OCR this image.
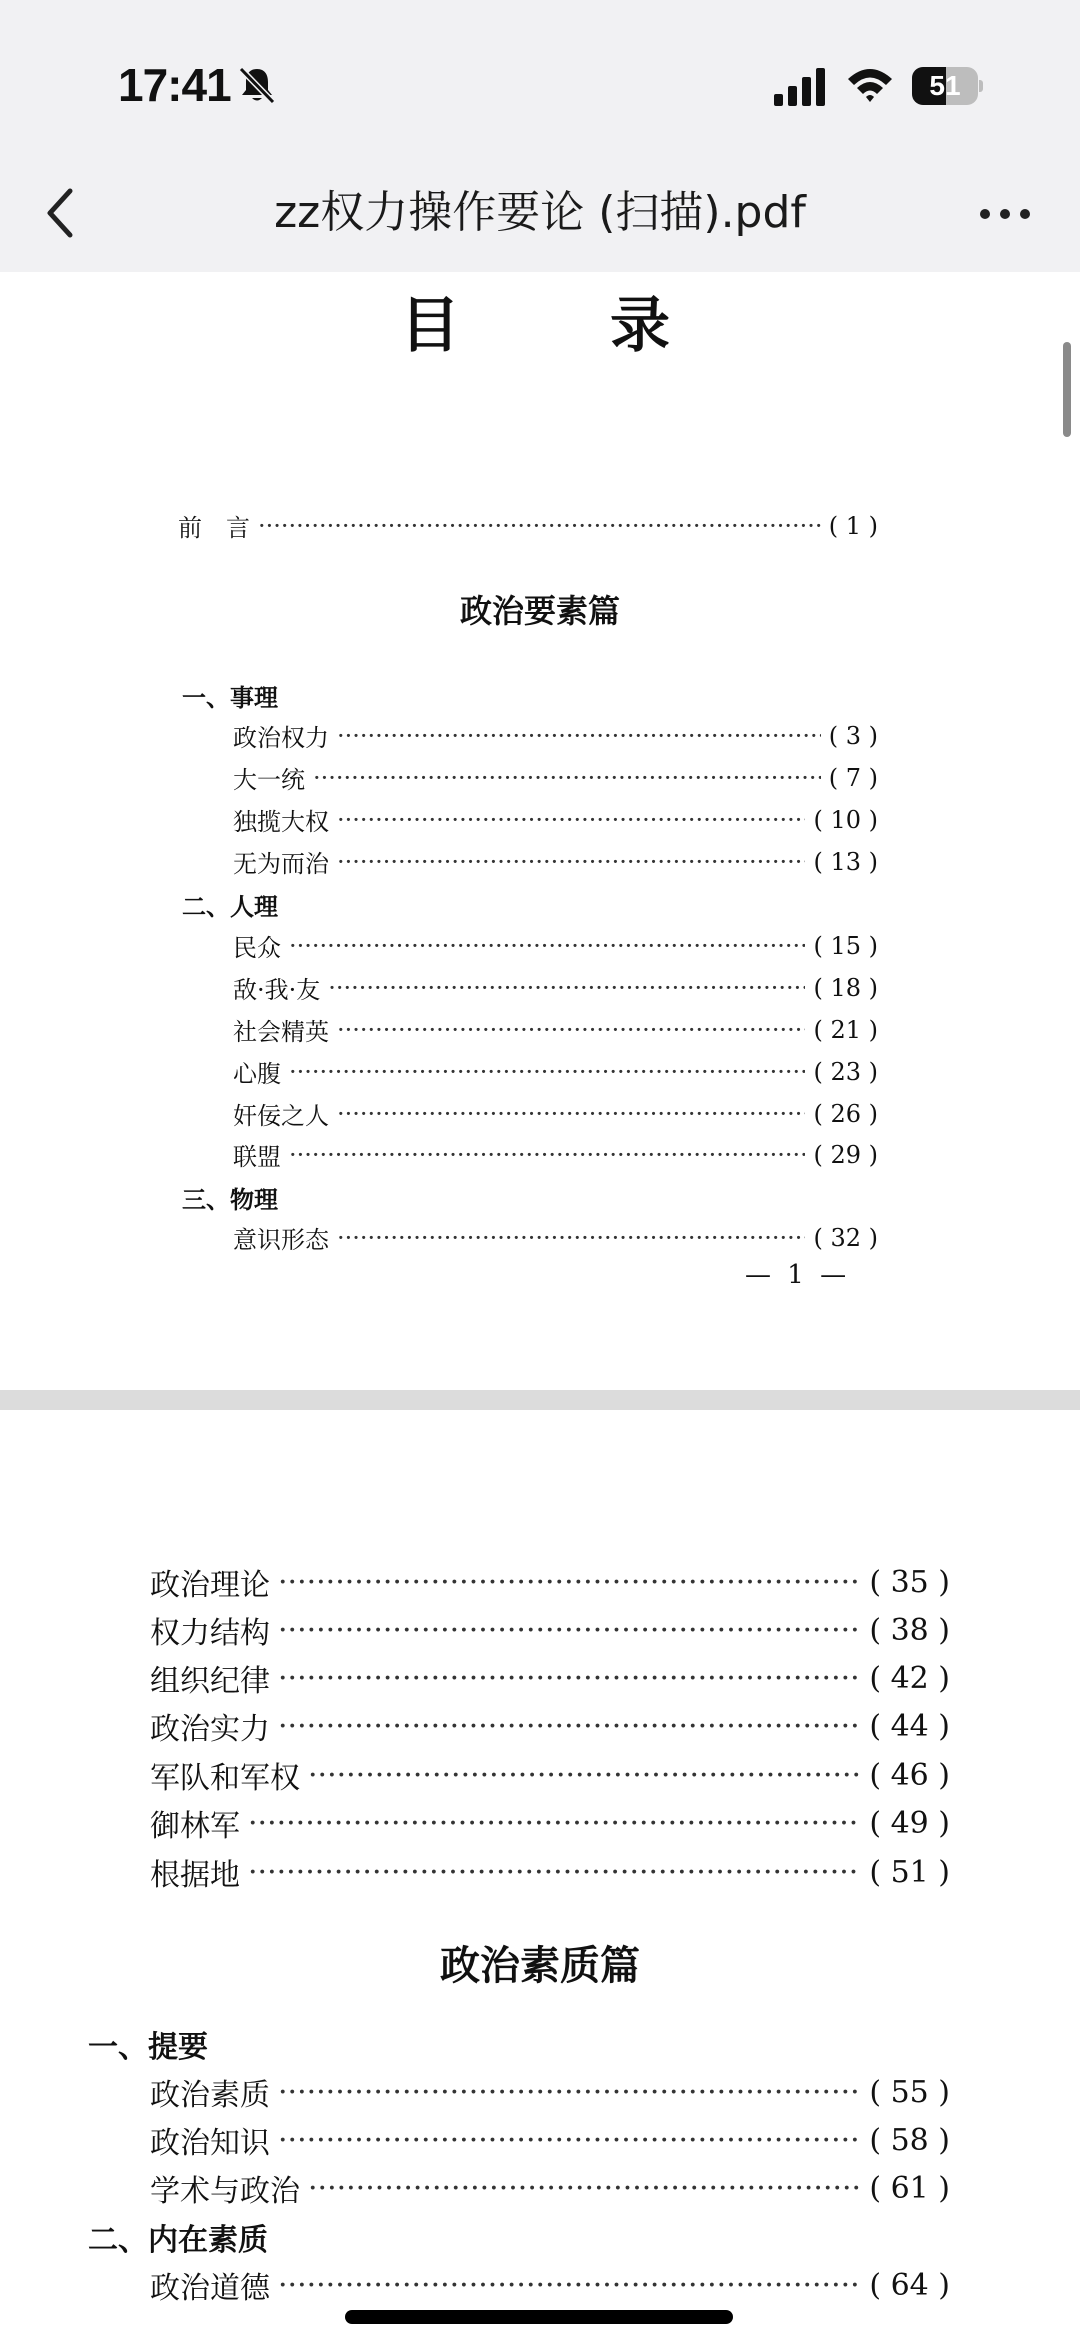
17:41	51
zz权力操作要论 (扫描).pdf
目　　录
前　言 ·····	( 1 )
政治要素篇
一、事理
政治权力 ·····	( 3 )
大一统 ·····	( 7 )
独揽大权 ·····	( 10 )
无为而治 ·····	( 13 )
二、人理
民众 ·····	( 15 )
敌·我·友 ·····	( 18 )
社会精英 ·····	( 21 )
心腹 ·····	( 23 )
奸佞之人 ·····	( 26 )
联盟 ·····	( 29 )
三、物理
意识形态 ·····	( 32 )
— 1 —
政治理论 ·····	( 35 )
权力结构 ·····	( 38 )
组织纪律 ·····	( 42 )
政治实力 ·····	( 44 )
军队和军权 ·····	( 46 )
御林军 ·····	( 49 )
根据地 ·····	( 51 )
政治素质篇
一、提要
政治素质 ·····	( 55 )
政治知识 ·····	( 58 )
学术与政治 ·····	( 61 )
二、内在素质
政治道德 ·····	( 64 )
